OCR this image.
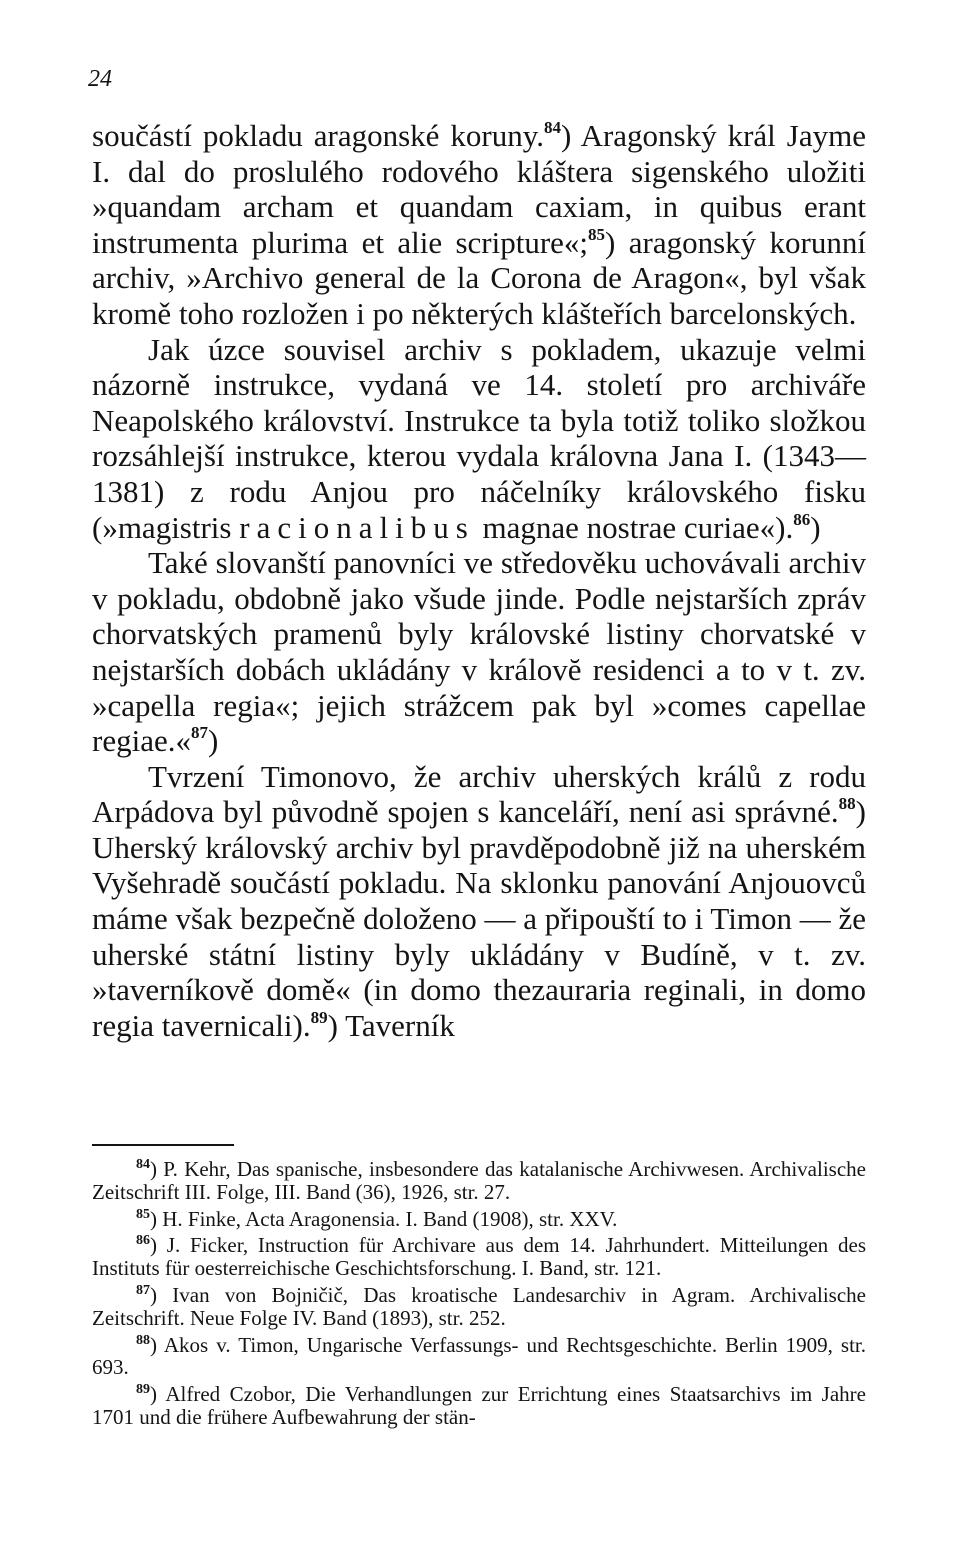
24

součástí pokladu aragonské koruny.$^{84}$) Aragonský král Jayme I. dal do proslulého rodového kláštera sigenského uložiti »quandam archam et quandam caxiam, in quibus erant instrumenta plurima et alie scripture«;$^{85}$) aragonský korunní archiv, »Archivo general de la Corona de Aragon«, byl však kromě toho rozložen i po některých klášteřích barcelonských.

Jak úzce souvisel archiv s pokladem, ukazuje velmi názorně instrukce, vydaná ve 14. století pro archiváře Neapolského království. Instrukce ta byla totiž toliko složkou rozsáhlejší instrukce, kterou vydala královna Jana I. (1343—1381) z rodu Anjou pro náčelníky královského fisku (»magistris racionalibus magnae nostrae curiae«).$^{86}$)

Také slovanští panovníci ve středověku uchovávali archiv v pokladu, obdobně jako všude jinde. Podle nejstarších zpráv chorvatských pramenů byly královské listiny chorvatské v nejstarších dobách ukládány v královĕ residenci a to v t. zv. »capella regia«; jejich strážcem pak byl »comes capellae regiae.«$^{87}$)

Tvrzení Timonovo, že archiv uherských králů z rodu Arpádova byl původně spojen s kanceláří, není asi správné.$^{88}$) Uherský královský archiv byl pravděpodobně již na uherském Vyšehradě součástí pokladu. Na sklonku panování Anjouovců máme však bezpečně doloženo — a připouští to i Timon — že uherské státní listiny byly ukládány v Budíně, v t. zv. »taverníkově domě« (in domo thezauraria reginali, in domo regia tavernicali).$^{89}$) Taverník

$^{84}$) P. Kehr, Das spanische, insbesondere das katalanische Archivwesen. Archivalische Zeitschrift III. Folge, III. Band (36), 1926, str. 27.

$^{85}$) H. Finke, Acta Aragonensia. I. Band (1908), str. XXV.

$^{86}$) J. Ficker, Instruction für Archivare aus dem 14. Jahrhundert. Mitteilungen des Instituts für oesterreichische Geschichtsforschung. I. Band, str. 121.

$^{87}$) Ivan von Bojničič, Das kroatische Landesarchiv in Agram. Archivalische Zeitschrift. Neue Folge IV. Band (1893), str. 252.

$^{88}$) Akos v. Timon, Ungarische Verfassungs- und Rechtsgeschichte. Berlin 1909, str. 693.

$^{89}$) Alfred Czobor, Die Verhandlungen zur Errichtung eines Staatsarchivs im Jahre 1701 und die frühere Aufbewahrung der stän-
